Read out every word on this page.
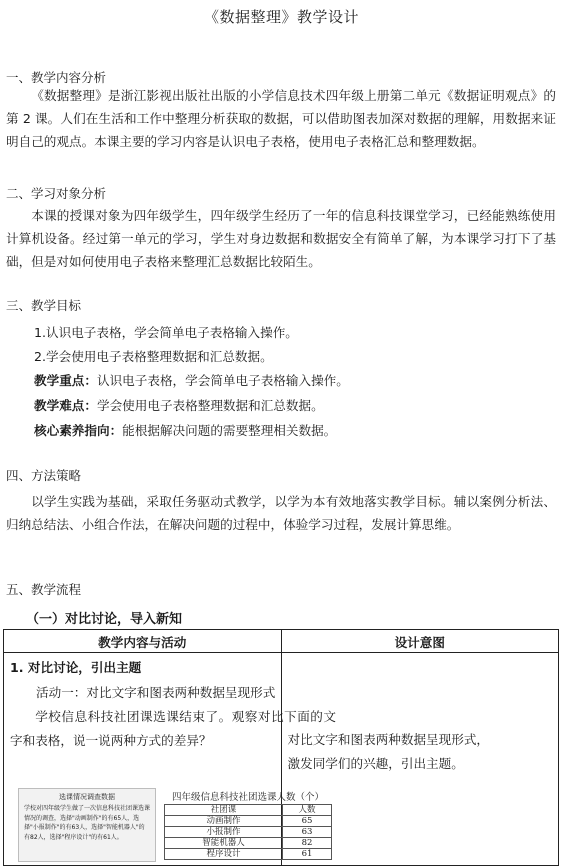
《数据整理》教学设计
一、教学内容分析

《数据整理》是浙江影视出版社出版的小学信息技术四年级上册第二单元《数据证明观点》的第 2 课。人们在生活和工作中整理分析获取的数据，可以借助图表加深对数据的理解，用数据来证明自己的观点。本课主要的学习内容是认识电子表格，使用电子表格汇总和整理数据。

二、学习对象分析

本课的授课对象为四年级学生，四年级学生经历了一年的信息科技课堂学习，已经能熟练使用计算机设备。经过第一单元的学习，学生对身边数据和数据安全有简单了解，为本课学习打下了基础，但是对如何使用电子表格来整理汇总数据比较陌生。

三、教学目标
1.认识电子表格，学会简单电子表格输入操作。
2.学会使用电子表格整理数据和汇总数据。
教学重点：认识电子表格，学会简单电子表格输入操作。
教学难点：学会使用电子表格整理数据和汇总数据。
核心素养指向：能根据解决问题的需要整理相关数据。
四、方法策略

以学生实践为基础，采取任务驱动式教学，以学为本有效地落实教学目标。辅以案例分析法、归纳总结法、小组合作法，在解决问题的过程中，体验学习过程，发展计算思维。

五、教学流程
（一）对比讨论，导入新知
教学内容与活动	设计意图

1. 对比讨论，引出主题
活动一：对比文字和图表两种数据呈现形式

学校信息科技社团课选课结束了。观察对比下面的文字和表格，说一说两种方式的差异？

选课情况调查数据

学校对四年级学生做了一次信息科技社团课选课情况的调查，选择"动画制作"的有65人，选择"小报制作"的有63人，选择"智能机器人"的有82人，选择"程序设计"的有61人。

四年级信息科技社团选课人数（个）
社团课	人数
动画制作	65
小报制作	63
智能机器人	82
程序设计	61

对比文字和图表两种数据呈现形式，激发同学们的兴趣，引出主题。
